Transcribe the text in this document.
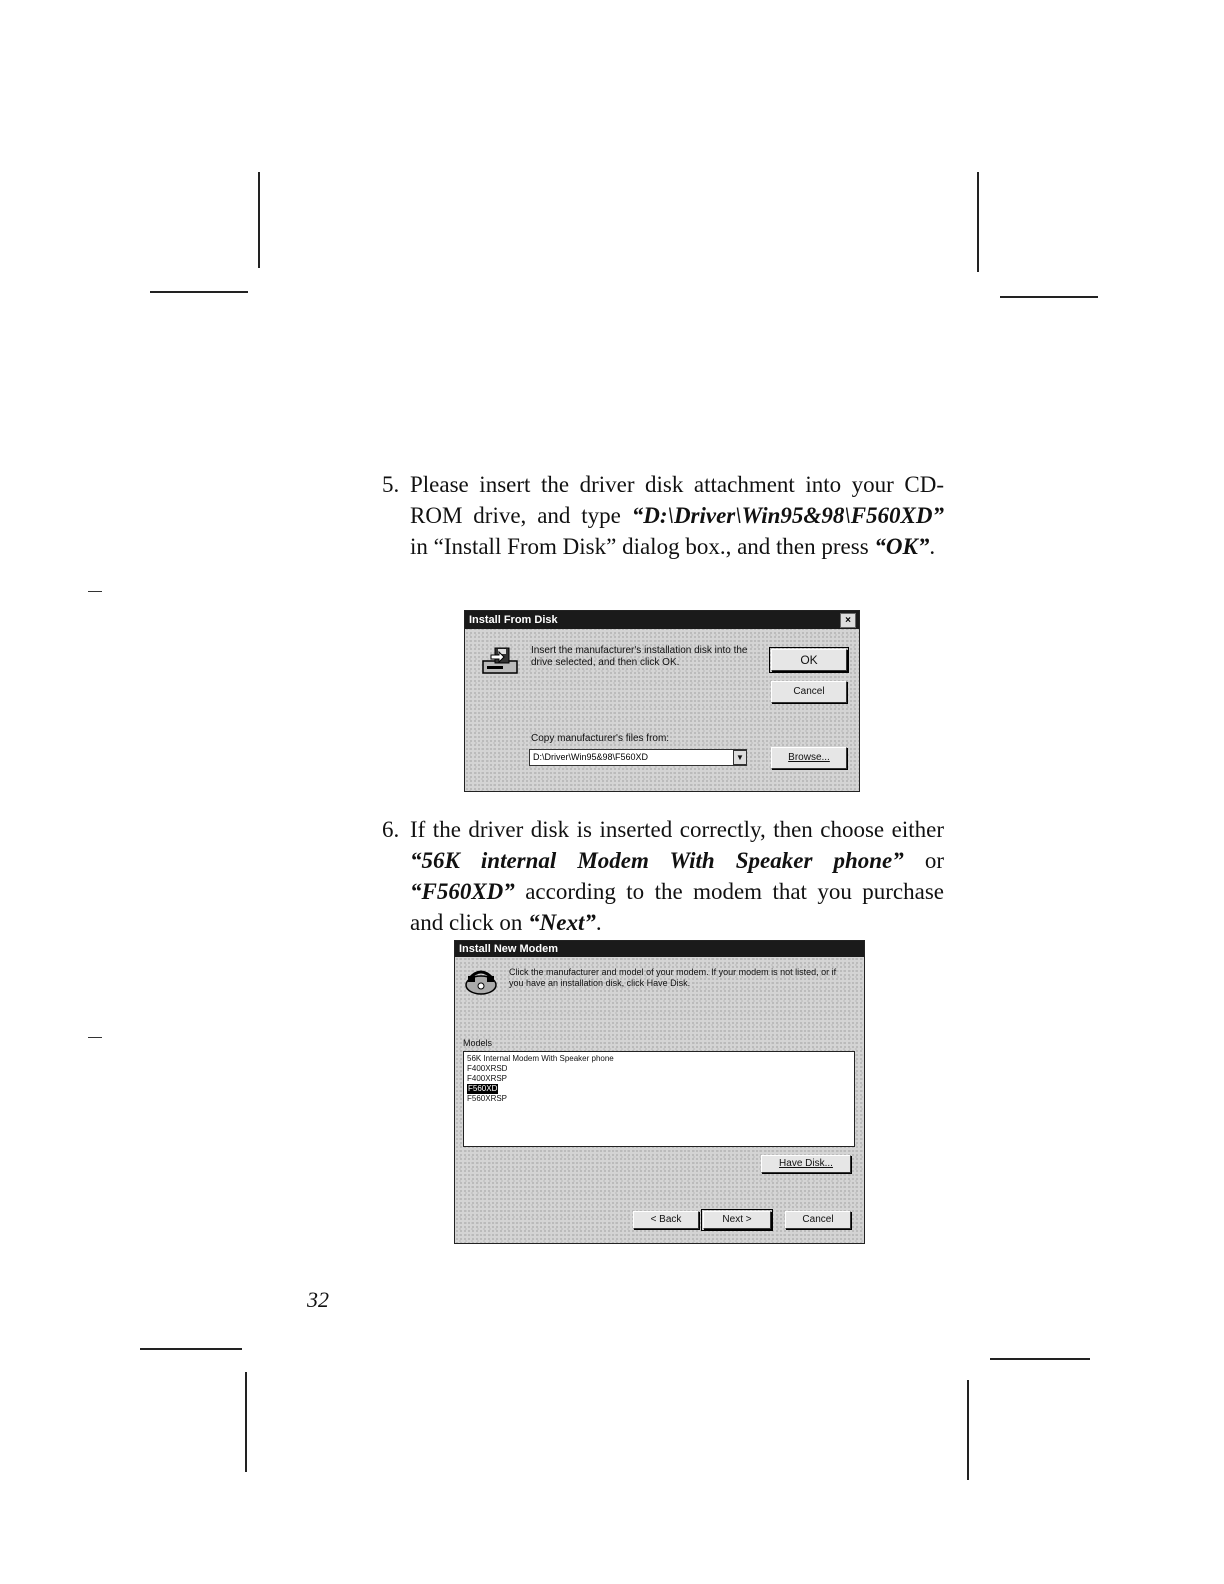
5. Please insert the driver disk attachment into your CD-ROM drive, and type “D:\Driver\Win95&98\F560XD” in “Install From Disk” dialog box., and then press “OK”.
Install From Disk	×
Insert the manufacturer's installation disk into the drive selected, and then click OK.	OK
Cancel
Copy manufacturer's files from:
D:\Driver\Win95&98\F560XD	▼	Browse...
6. If the driver disk is inserted correctly, then choose either “56K internal Modem With Speaker phone” or “F560XD” according to the modem that you purchase and click on “Next”.
Install New Modem
Click the manufacturer and model of your modem. If your modem is not listed, or if you have an installation disk, click Have Disk.
Models
56K Internal Modem With Speaker phone
F400XRSD
F400XRSP
F560XD
F560XRSP
Have Disk...
< Back	Next >	Cancel
32
